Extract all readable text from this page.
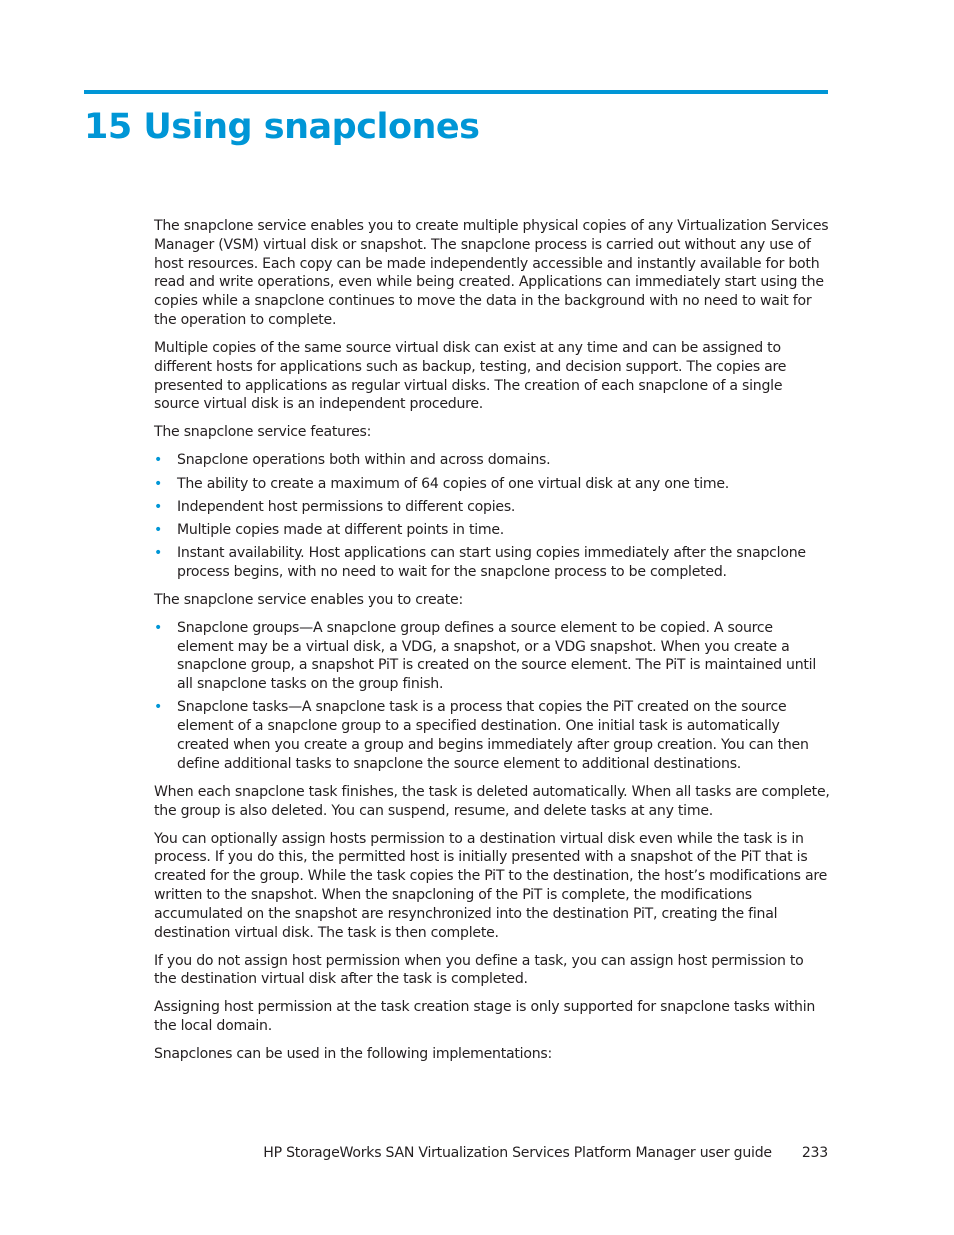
15 Using snapclones

The snapclone service enables you to create multiple physical copies of any Virtualization Services Manager (VSM) virtual disk or snapshot. The snapclone process is carried out without any use of host resources. Each copy can be made independently accessible and instantly available for both read and write operations, even while being created. Applications can immediately start using the copies while a snapclone continues to move the data in the background with no need to wait for the operation to complete.

Multiple copies of the same source virtual disk can exist at any time and can be assigned to different hosts for applications such as backup, testing, and decision support. The copies are presented to applications as regular virtual disks. The creation of each snapclone of a single source virtual disk is an independent procedure.

The snapclone service features:

• Snapclone operations both within and across domains.
• The ability to create a maximum of 64 copies of one virtual disk at any one time.
• Independent host permissions to different copies.
• Multiple copies made at different points in time.
• Instant availability. Host applications can start using copies immediately after the snapclone process begins, with no need to wait for the snapclone process to be completed.

The snapclone service enables you to create:

• Snapclone groups—A snapclone group defines a source element to be copied. A source element may be a virtual disk, a VDG, a snapshot, or a VDG snapshot. When you create a snapclone group, a snapshot PiT is created on the source element. The PiT is maintained until all snapclone tasks on the group finish.
• Snapclone tasks—A snapclone task is a process that copies the PiT created on the source element of a snapclone group to a specified destination. One initial task is automatically created when you create a group and begins immediately after group creation. You can then define additional tasks to snapclone the source element to additional destinations.

When each snapclone task finishes, the task is deleted automatically. When all tasks are complete, the group is also deleted. You can suspend, resume, and delete tasks at any time.

You can optionally assign hosts permission to a destination virtual disk even while the task is in process. If you do this, the permitted host is initially presented with a snapshot of the PiT that is created for the group. While the task copies the PiT to the destination, the host’s modifications are written to the snapshot. When the snapcloning of the PiT is complete, the modifications accumulated on the snapshot are resynchronized into the destination PiT, creating the final destination virtual disk. The task is then complete.

If you do not assign host permission when you define a task, you can assign host permission to the destination virtual disk after the task is completed.

Assigning host permission at the task creation stage is only supported for snapclone tasks within the local domain.

Snapclones can be used in the following implementations:

HP StorageWorks SAN Virtualization Services Platform Manager user guide 233
